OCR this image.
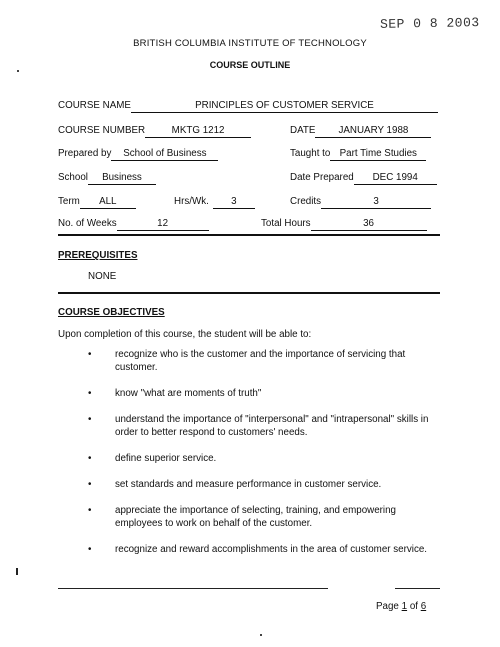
SEP 0 8 2003
BRITISH COLUMBIA INSTITUTE OF TECHNOLOGY
COURSE OUTLINE
COURSE NAME	PRINCIPLES OF CUSTOMER SERVICE
COURSE NUMBER	MKTG 1212	DATE JANUARY 1988
Prepared by School of Business	Taught to Part Time Studies
School Business	Date Prepared DEC 1994
Term ALL	Hrs/Wk. 3	Credits	3
No. of Weeks	12	Total Hours	36
PREREQUISITES
NONE
COURSE OBJECTIVES
Upon completion of this course, the student will be able to:
• recognize who is the customer and the importance of servicing that customer.
• know "what are moments of truth"
• understand the importance of "interpersonal" and "intrapersonal" skills in order to better respond to customers' needs.
• define superior service.
• set standards and measure performance in customer service.
• appreciate the importance of selecting, training, and empowering employees to work on behalf of the customer.
• recognize and reward accomplishments in the area of customer service.
Page 1 of 6
